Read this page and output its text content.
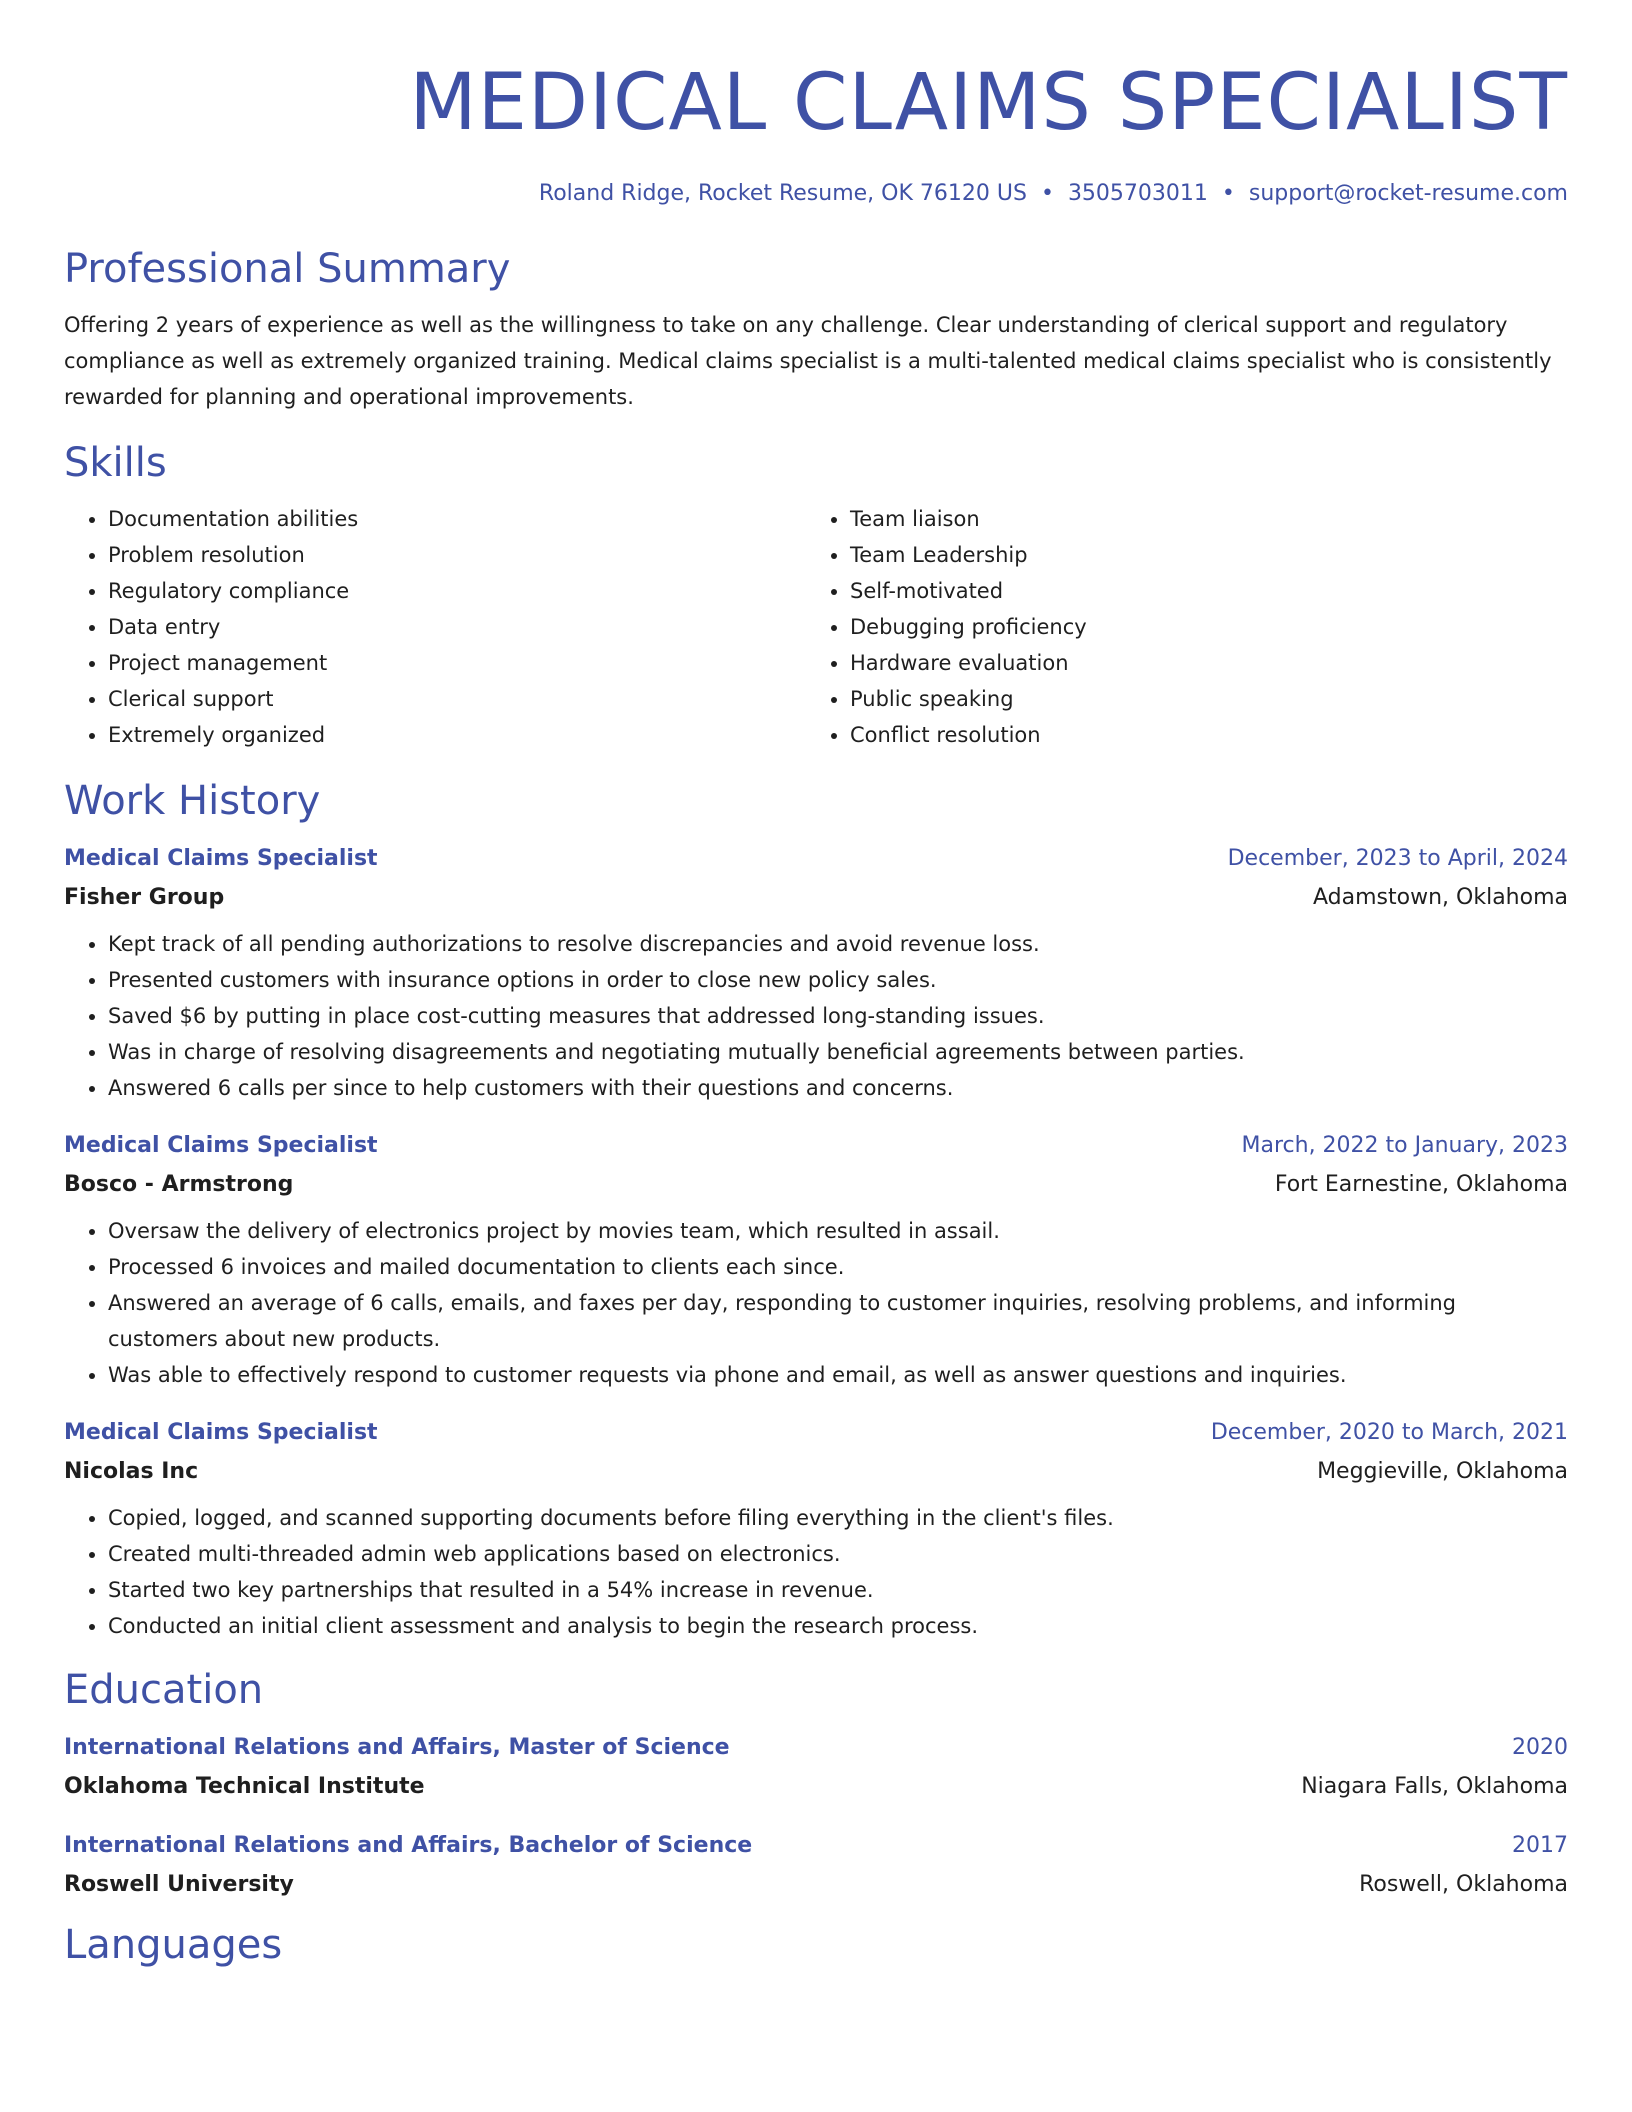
MEDICAL CLAIMS SPECIALIST
Roland Ridge, Rocket Resume, OK 76120 US • 3505703011 • support@rocket-resume.com
Professional Summary
Offering 2 years of experience as well as the willingness to take on any challenge. Clear understanding of clerical support and regulatory compliance as well as extremely organized training. Medical claims specialist is a multi-talented medical claims specialist who is consistently rewarded for planning and operational improvements.
Skills
• Documentation abilities
• Problem resolution
• Regulatory compliance
• Data entry
• Project management
• Clerical support
• Extremely organized
• Team liaison
• Team Leadership
• Self-motivated
• Debugging proficiency
• Hardware evaluation
• Public speaking
• Conflict resolution
Work History
Medical Claims Specialist	December, 2023 to April, 2024
Fisher Group	Adamstown, Oklahoma
• Kept track of all pending authorizations to resolve discrepancies and avoid revenue loss.
• Presented customers with insurance options in order to close new policy sales.
• Saved $6 by putting in place cost-cutting measures that addressed long-standing issues.
• Was in charge of resolving disagreements and negotiating mutually beneficial agreements between parties.
• Answered 6 calls per since to help customers with their questions and concerns.
Medical Claims Specialist	March, 2022 to January, 2023
Bosco - Armstrong	Fort Earnestine, Oklahoma
• Oversaw the delivery of electronics project by movies team, which resulted in assail.
• Processed 6 invoices and mailed documentation to clients each since.
• Answered an average of 6 calls, emails, and faxes per day, responding to customer inquiries, resolving problems, and informing customers about new products.
• Was able to effectively respond to customer requests via phone and email, as well as answer questions and inquiries.
Medical Claims Specialist	December, 2020 to March, 2021
Nicolas Inc	Meggieville, Oklahoma
• Copied, logged, and scanned supporting documents before filing everything in the client's files.
• Created multi-threaded admin web applications based on electronics.
• Started two key partnerships that resulted in a 54% increase in revenue.
• Conducted an initial client assessment and analysis to begin the research process.
Education
International Relations and Affairs, Master of Science	2020
Oklahoma Technical Institute	Niagara Falls, Oklahoma
International Relations and Affairs, Bachelor of Science	2017
Roswell University	Roswell, Oklahoma
Languages
